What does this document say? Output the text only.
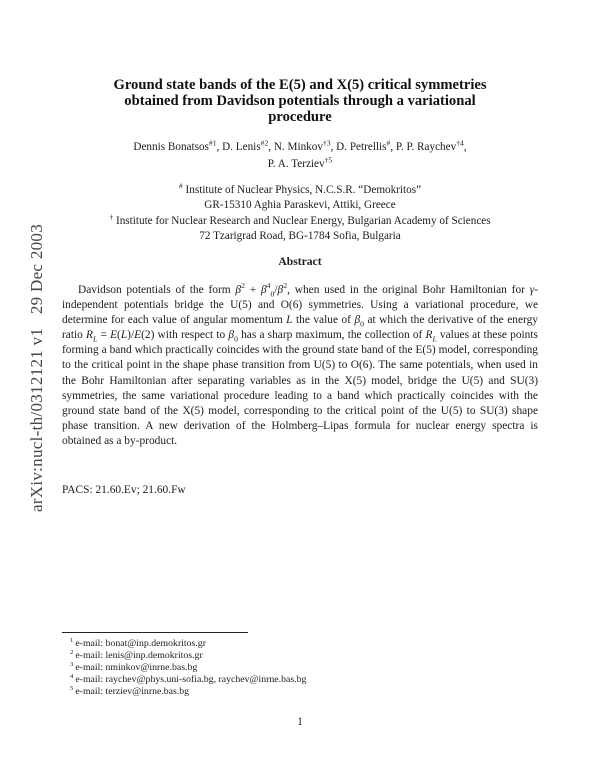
arXiv:nucl-th/0312121 v1   29 Dec 2003
Ground state bands of the E(5) and X(5) critical symmetries
obtained from Davidson potentials through a variational
procedure
Dennis Bonatsos$^{\#1}$, D. Lenis$^{\#2}$, N. Minkov$^{\dagger 3}$, D. Petrellis#, P. P. Raychev$^{\dagger 4}$,
P. A. Terziev$^{\dagger 5}$
# Institute of Nuclear Physics, N.C.S.R. “Demokritos”
GR-15310 Aghia Paraskevi, Attiki, Greece
† Institute for Nuclear Research and Nuclear Energy, Bulgarian Academy of Sciences
72 Tzarigrad Road, BG-1784 Sofia, Bulgaria
Abstract
Davidson potentials of the form $\beta^2 + \beta^4_0/\beta^2$, when used in the original Bohr Hamiltonian for γ-independent potentials bridge the U(5) and O(6) symmetries. Using a variational procedure, we determine for each value of angular momentum L the value of $\beta_0$ at which the derivative of the energy ratio $R_L = E(L)/E(2)$ with respect to $\beta_0$ has a sharp maximum, the collection of $R_L$ values at these points forming a band which practically coincides with the ground state band of the E(5) model, corresponding to the critical point in the shape phase transition from U(5) to O(6). The same potentials, when used in the Bohr Hamiltonian after separating variables as in the X(5) model, bridge the U(5) and SU(3) symmetries, the same variational procedure leading to a band which practically coincides with the ground state band of the X(5) model, corresponding to the critical point of the U(5) to SU(3) shape phase transition. A new derivation of the Holmberg–Lipas formula for nuclear energy spectra is obtained as a by-product.
PACS: 21.60.Ev; 21.60.Fw
$^1$ e-mail: bonat@inp.demokritos.gr
$^2$ e-mail: lenis@inp.demokritos.gr
$^3$ e-mail: nminkov@inrne.bas.bg
$^4$ e-mail: raychev@phys.uni-sofia.bg, raychev@inrne.bas.bg
$^5$ e-mail: terziev@inrne.bas.bg
1
